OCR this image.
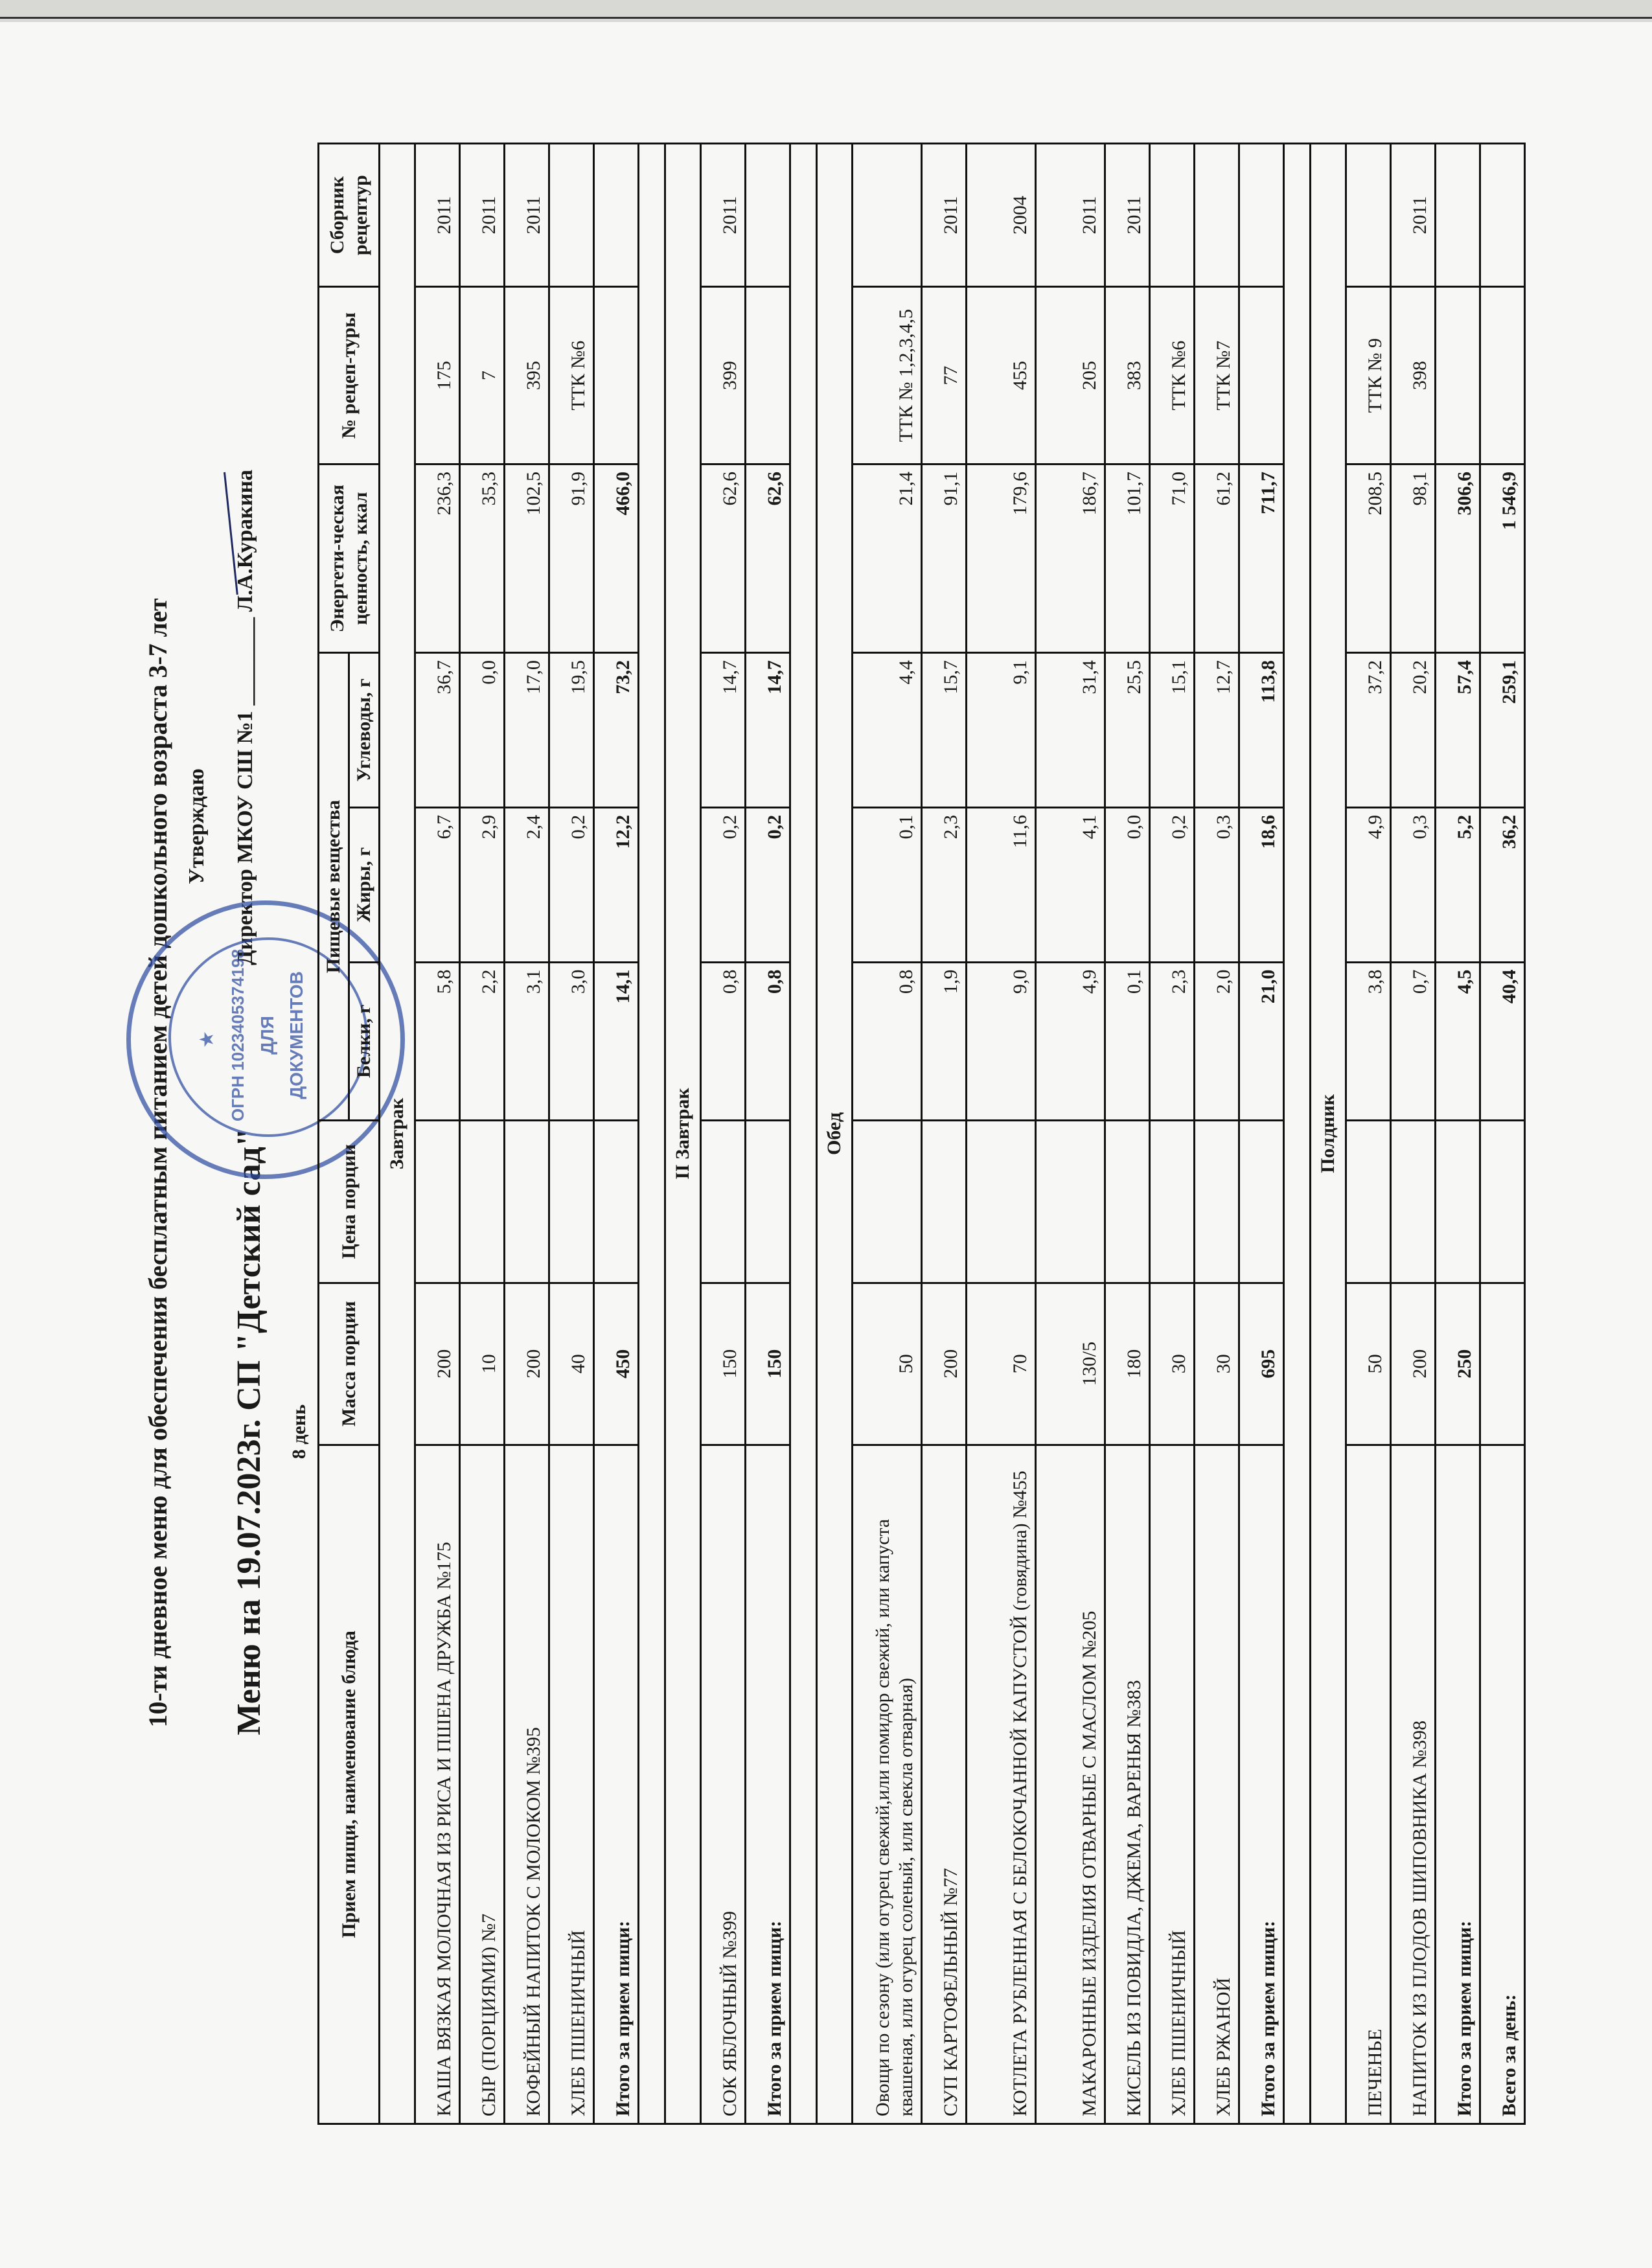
10-ти дневное меню для обеспечения бесплатным питанием детей дошкольного возраста 3-7 лет Утверждаю Директор МКОУ СШ №1 ________ Л.А.Куракина
Меню на 19.07.2023г. СП "Детский сад" 8 день
★ ОГРН 1023405374198 ДЛЯ ДОКУМЕНТОВ
Прием пищи, наименование блюда	Масса порции	Цена порции	Пищевые вещества			Энергети-ческая ценность, ккал	№ рецеп-туры	Сборник рецептур
			Белки, г	Жиры, г	Углеводы, г			
Завтрак								
КАША ВЯЗКАЯ МОЛОЧНАЯ ИЗ РИСА И ПШЕНА ДРУЖБА №175	200		5,8	6,7	36,7	236,3	175	2011
СЫР (ПОРЦИЯМИ) №7	10		2,2	2,9	0,0	35,3	7	2011
КОФЕЙНЫЙ НАПИТОК С МОЛОКОМ №395	200		3,1	2,4	17,0	102,5	395	2011
ХЛЕБ ПШЕНИЧНЫЙ	40		3,0	0,2	19,5	91,9	ТТК №6	
Итого за прием пищи:	450		14,1	12,2	73,2	466,0		

II Завтрак								
СОК ЯБЛОЧНЫЙ №399	150		0,8	0,2	14,7	62,6	399	2011
Итого за прием пищи:	150		0,8	0,2	14,7	62,6		

Обед								
Овощи по сезону (или огурец свежий,или помидор свежий, или капуста квашеная, или огурец соленый, или свекла отварная)	50		0,8	0,1	4,4	21,4	ТТК № 1,2,3,4,5	
СУП КАРТОФЕЛЬНЫЙ №77	200		1,9	2,3	15,7	91,1	77	2011
КОТЛЕТА РУБЛЕННАЯ С БЕЛОКОЧАННОЙ КАПУСТОЙ (говядина) №455	70		9,0	11,6	9,1	179,6	455	2004
МАКАРОННЫЕ ИЗДЕЛИЯ ОТВАРНЫЕ С МАСЛОМ №205	130/5		4,9	4,1	31,4	186,7	205	2011
КИСЕЛЬ ИЗ ПОВИДЛА, ДЖЕМА, ВАРЕНЬЯ №383	180		0,1	0,0	25,5	101,7	383	2011
ХЛЕБ ПШЕНИЧНЫЙ	30		2,3	0,2	15,1	71,0	ТТК №6	
ХЛЕБ РЖАНОЙ	30		2,0	0,3	12,7	61,2	ТТК №7	
Итого за прием пищи:	695		21,0	18,6	113,8	711,7		

Полдник								
ПЕЧЕНЬЕ	50		3,8	4,9	37,2	208,5	ТТК № 9	
НАПИТОК ИЗ ПЛОДОВ ШИПОВНИКА №398	200		0,7	0,3	20,2	98,1	398	2011
Итого за прием пищи:	250		4,5	5,2	57,4	306,6		
Всего за день:			40,4	36,2	259,1	1 546,9		
